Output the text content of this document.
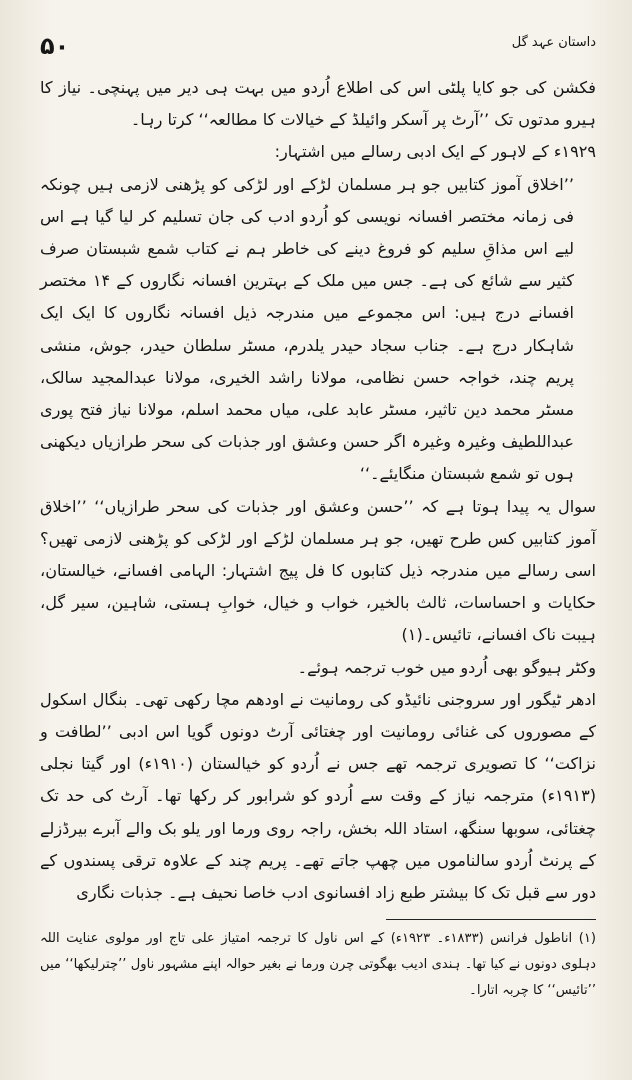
۵۰	داستان عہد گل

فکشن کی جو کایا پلٹی اس کی اطلاع اُردو میں بہت ہی دیر میں پہنچی۔ نیاز کا ہیرو مدتوں تک ’’آرٹ پر آسکر وائیلڈ کے خیالات کا مطالعہ‘‘ کرتا رہا۔

۱۹۲۹ء کے لاہور کے ایک ادبی رسالے میں اشتہار:

’’اخلاق آموز کتابیں جو ہر مسلمان لڑکے اور لڑکی کو پڑھنی لازمی ہیں چونکہ فی زمانہ مختصر افسانہ نویسی کو اُردو ادب کی جان تسلیم کر لیا گیا ہے اس لیے اس مذاقِ سلیم کو فروغ دینے کی خاطر ہم نے کتاب شمع شبستان صرف کثیر سے شائع کی ہے۔ جس میں ملک کے بہترین افسانہ نگاروں کے ۱۴ مختصر افسانے درج ہیں: اس مجموعے میں مندرجہ ذیل افسانہ نگاروں کا ایک ایک شاہکار درج ہے۔ جناب سجاد حیدر یلدرم، مسٹر سلطان حیدر، جوش، منشی پریم چند، خواجہ حسن نظامی، مولانا راشد الخیری، مولانا عبدالمجید سالک، مسٹر محمد دین تاثیر، مسٹر عابد علی، میاں محمد اسلم، مولانا نیاز فتح پوری عبداللطیف وغیرہ وغیرہ اگر حسن وعشق اور جذبات کی سحر طرازیاں دیکھنی ہوں تو شمع شبستان منگایئے۔‘‘

سوال یہ پیدا ہوتا ہے کہ ’’حسن وعشق اور جذبات کی سحر طرازیاں‘‘ ’’اخلاق آموز کتابیں کس طرح تھیں، جو ہر مسلمان لڑکے اور لڑکی کو پڑھنی لازمی تھیں؟ اسی رسالے میں مندرجہ ذیل کتابوں کا فل پیج اشتہار: الہامی افسانے، خیالستان، حکایات و احساسات، ثالث بالخیر، خواب و خیال، خوابِ ہستی، شاہین، سیر گل، ہیبت ناک افسانے، تائیس۔(۱)

وکٹر ہیوگو بھی اُردو میں خوب ترجمہ ہوئے۔

ادھر ٹیگور اور سروجنی نائیڈو کی رومانیت نے اودھم مچا رکھی تھی۔ بنگال اسکول کے مصوروں کی غنائی رومانیت اور چغتائی آرٹ دونوں گویا اس ادبی ’’لطافت و نزاکت‘‘ کا تصویری ترجمہ تھے جس نے اُردو کو خیالستان (۱۹۱۰ء) اور گیتا نجلی (۱۹۱۳ء) مترجمہ نیاز کے وقت سے اُردو کو شرابور کر رکھا تھا۔ آرٹ کی حد تک چغتائی، سوبھا سنگھ، استاد اللہ بخش، راجہ روی ورما اور یلو بک والے آبرے بیرڈزلے کے پرنٹ اُردو سالناموں میں چھپ جاتے تھے۔ پریم چند کے علاوہ ترقی پسندوں کے دور سے قبل تک کا بیشتر طبع زاد افسانوی ادب خاصا نحیف ہے۔ جذبات نگاری

(۱) اناطول فرانس (۱۸۳۳ء۔ ۱۹۲۳ء) کے اس ناول کا ترجمہ امتیاز علی تاج اور مولوی عنایت اللہ دہلوی دونوں نے کیا تھا۔ ہندی ادیب بھگوتی چرن ورما نے بغیر حوالہ اپنے مشہور ناول ’’چترلیکھا‘‘ میں ’’تائیس‘‘ کا چربہ اتارا۔
